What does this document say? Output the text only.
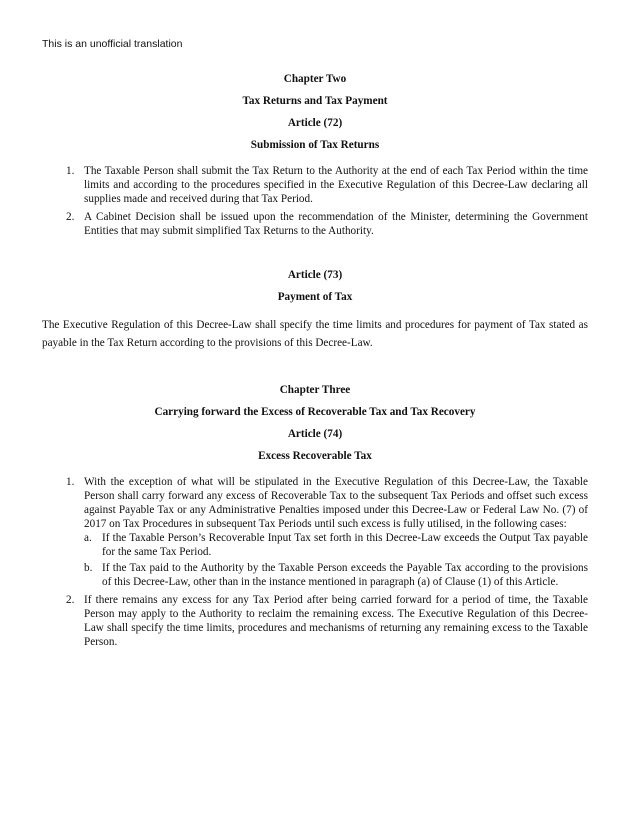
This is an unofficial translation

Chapter Two

Tax Returns and Tax Payment

Article (72)

Submission of Tax Returns

1. The Taxable Person shall submit the Tax Return to the Authority at the end of each Tax Period within the time limits and according to the procedures specified in the Executive Regulation of this Decree-Law declaring all supplies made and received during that Tax Period.
2. A Cabinet Decision shall be issued upon the recommendation of the Minister, determining the Government Entities that may submit simplified Tax Returns to the Authority.

Article (73)

Payment of Tax

The Executive Regulation of this Decree-Law shall specify the time limits and procedures for payment of Tax stated as payable in the Tax Return according to the provisions of this Decree-Law.

Chapter Three

Carrying forward the Excess of Recoverable Tax and Tax Recovery

Article (74)

Excess Recoverable Tax

1. With the exception of what will be stipulated in the Executive Regulation of this Decree-Law, the Taxable Person shall carry forward any excess of Recoverable Tax to the subsequent Tax Periods and offset such excess against Payable Tax or any Administrative Penalties imposed under this Decree-Law or Federal Law No. (7) of 2017 on Tax Procedures in subsequent Tax Periods until such excess is fully utilised, in the following cases:
a. If the Taxable Person’s Recoverable Input Tax set forth in this Decree-Law exceeds the Output Tax payable for the same Tax Period.
b. If the Tax paid to the Authority by the Taxable Person exceeds the Payable Tax according to the provisions of this Decree-Law, other than in the instance mentioned in paragraph (a) of Clause (1) of this Article.
2. If there remains any excess for any Tax Period after being carried forward for a period of time, the Taxable Person may apply to the Authority to reclaim the remaining excess. The Executive Regulation of this Decree-Law shall specify the time limits, procedures and mechanisms of returning any remaining excess to the Taxable Person.
